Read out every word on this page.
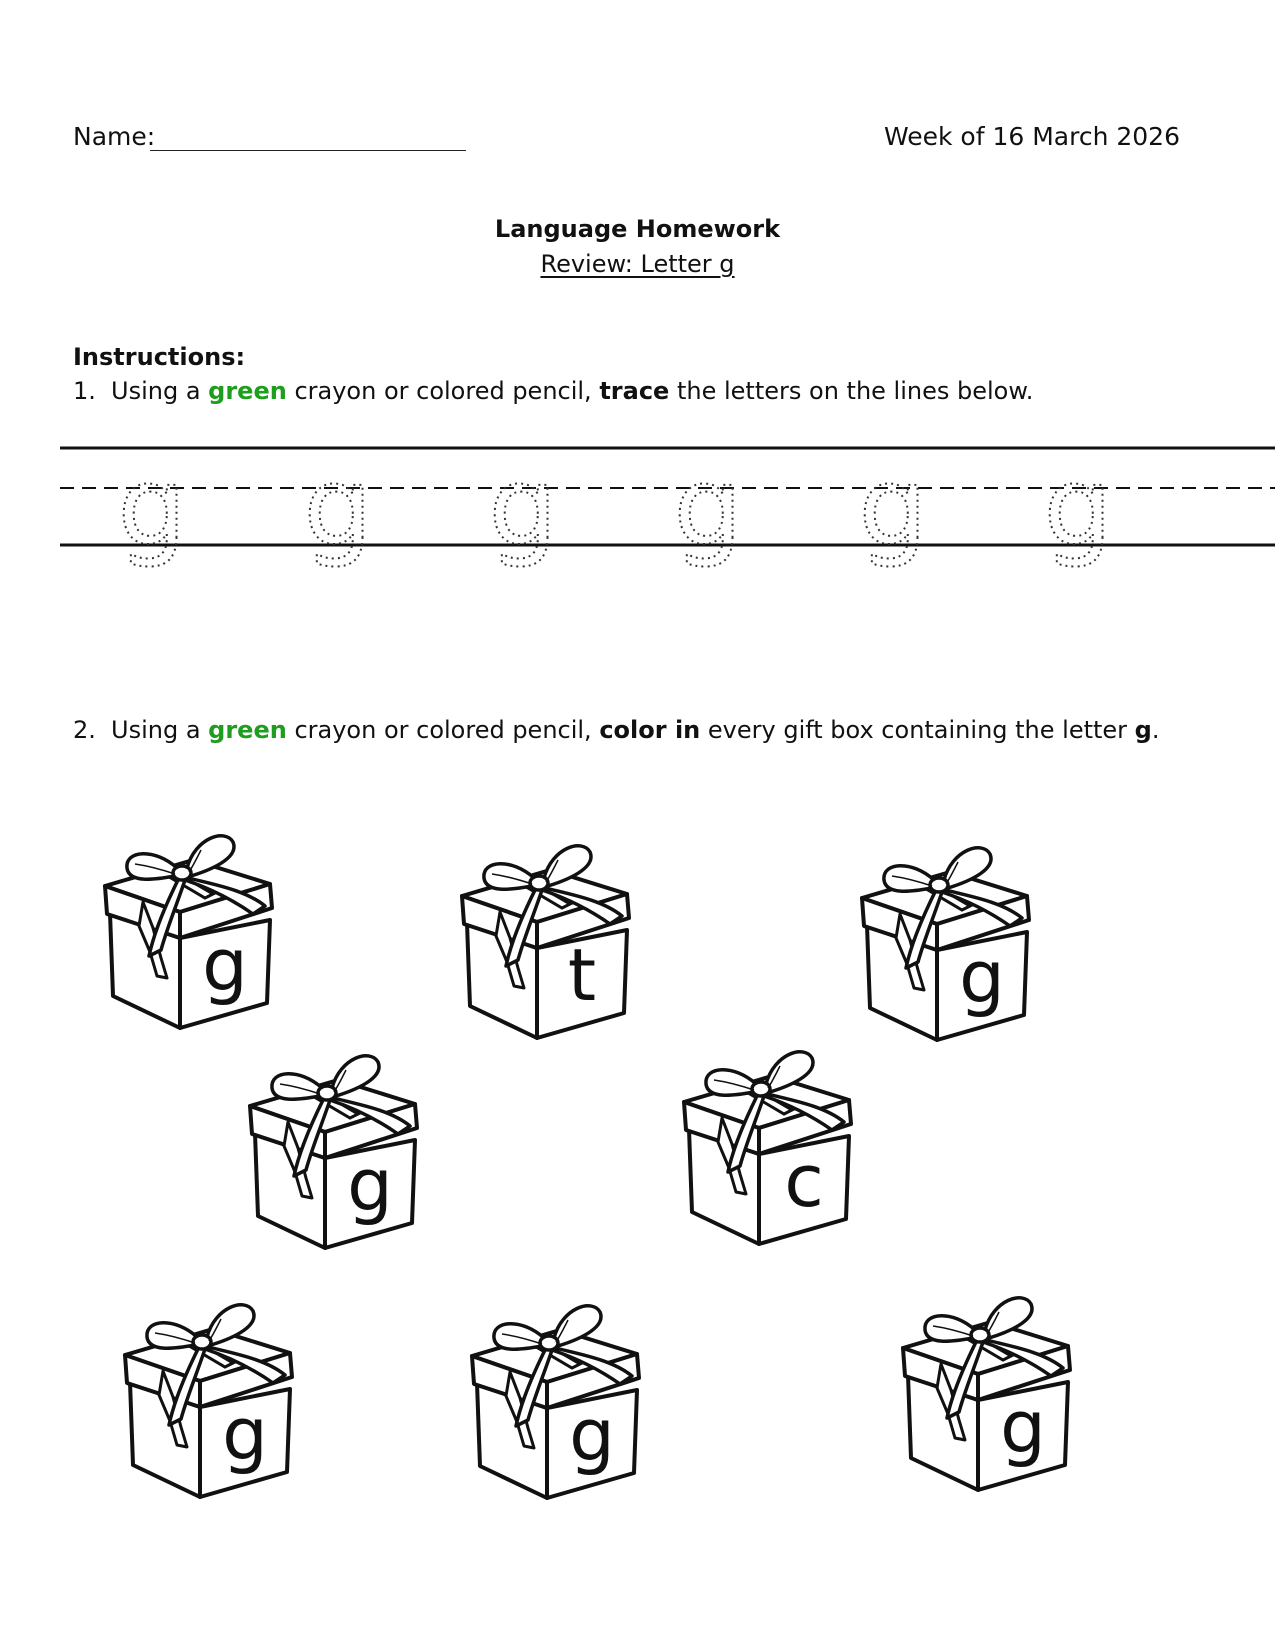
Name:	Week of 16 March 2026
Language Homework
Review: Letter g
Instructions:
1. Using a green crayon or colored pencil, trace the letters on the lines below.
g g g g g g
2. Using a green crayon or colored pencil, color in every gift box containing the letter g.
g	t	g
g	c
g	g	g
